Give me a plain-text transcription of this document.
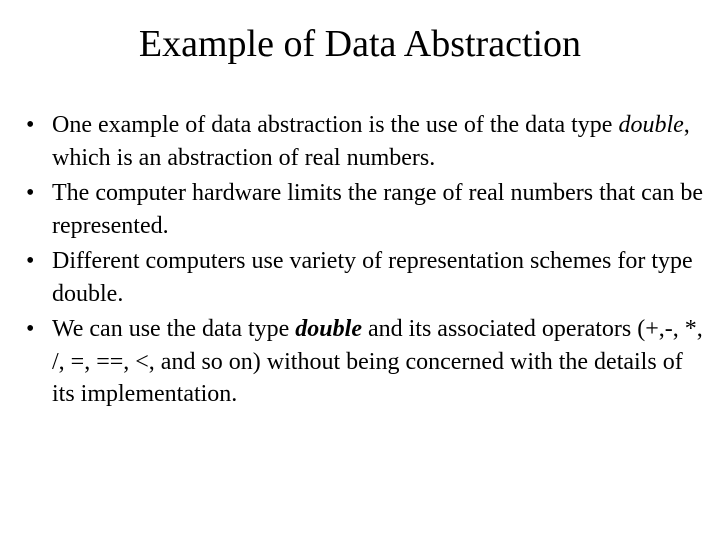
Example of Data Abstraction
• One example of data abstraction is the use of the data type double, which is an abstraction of real numbers.
• The computer hardware limits the range of real numbers that can be represented.
• Different computers use variety of representation schemes for type double.
• We can use the data type double and its associated operators (+,-, *, /, =, ==, <, and so on) without being concerned with the details of its implementation.
